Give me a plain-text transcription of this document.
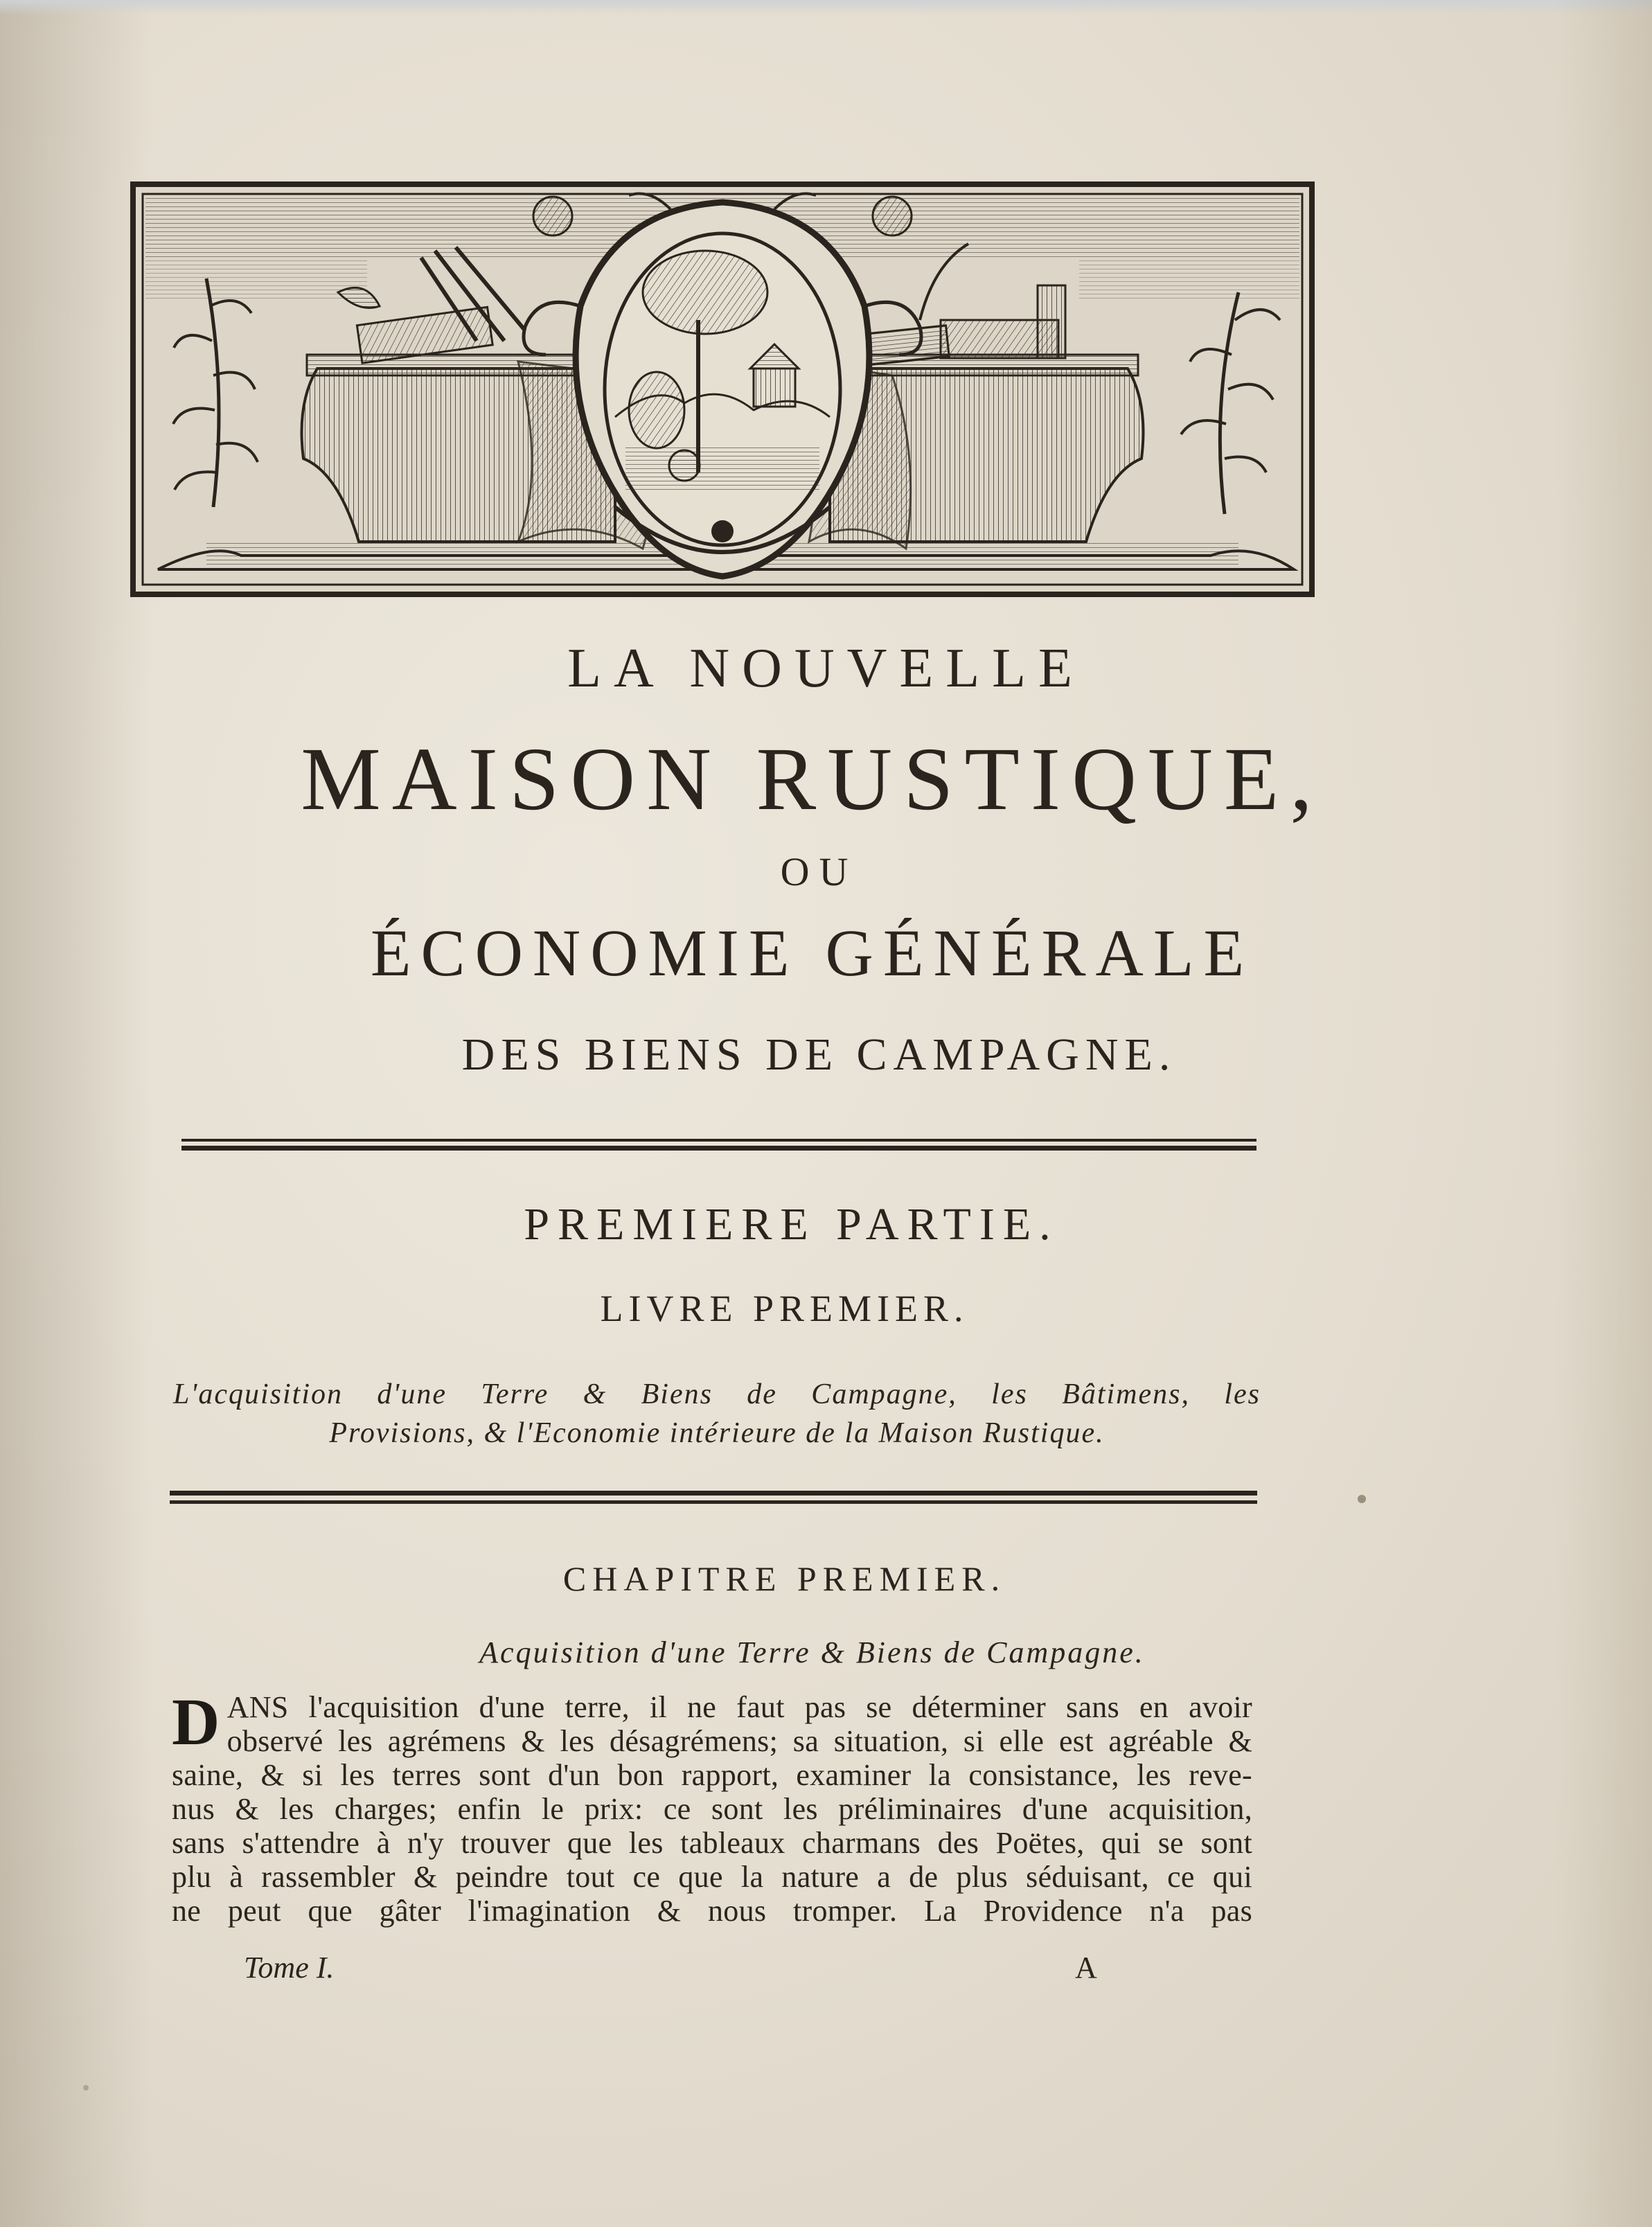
LA NOUVELLE
MAISON RUSTIQUE,
OU
ÉCONOMIE GÉNÉRALE
DES BIENS DE CAMPAGNE.
PREMIERE PARTIE.
LIVRE PREMIER.
L'acquisition d'une Terre & Biens de Campagne, les Bâtimens, les
Provisions, & l'Economie intérieure de la Maison Rustique.
CHAPITRE PREMIER.
Acquisition d'une Terre & Biens de Campagne.
D ANS l'acquisition d'une terre, il ne faut pas se déterminer sans en avoir
observé les agrémens & les désagrémens; sa situation, si elle est agréable &
saine, & si les terres sont d'un bon rapport, examiner la consistance, les reve-
nus & les charges; enfin le prix: ce sont les préliminaires d'une acquisition,
sans s'attendre à n'y trouver que les tableaux charmans des Poëtes, qui se sont
plu à rassembler & peindre tout ce que la nature a de plus séduisant, ce qui
ne peut que gâter l'imagination & nous tromper. La Providence n'a pas
Tome I.	A
